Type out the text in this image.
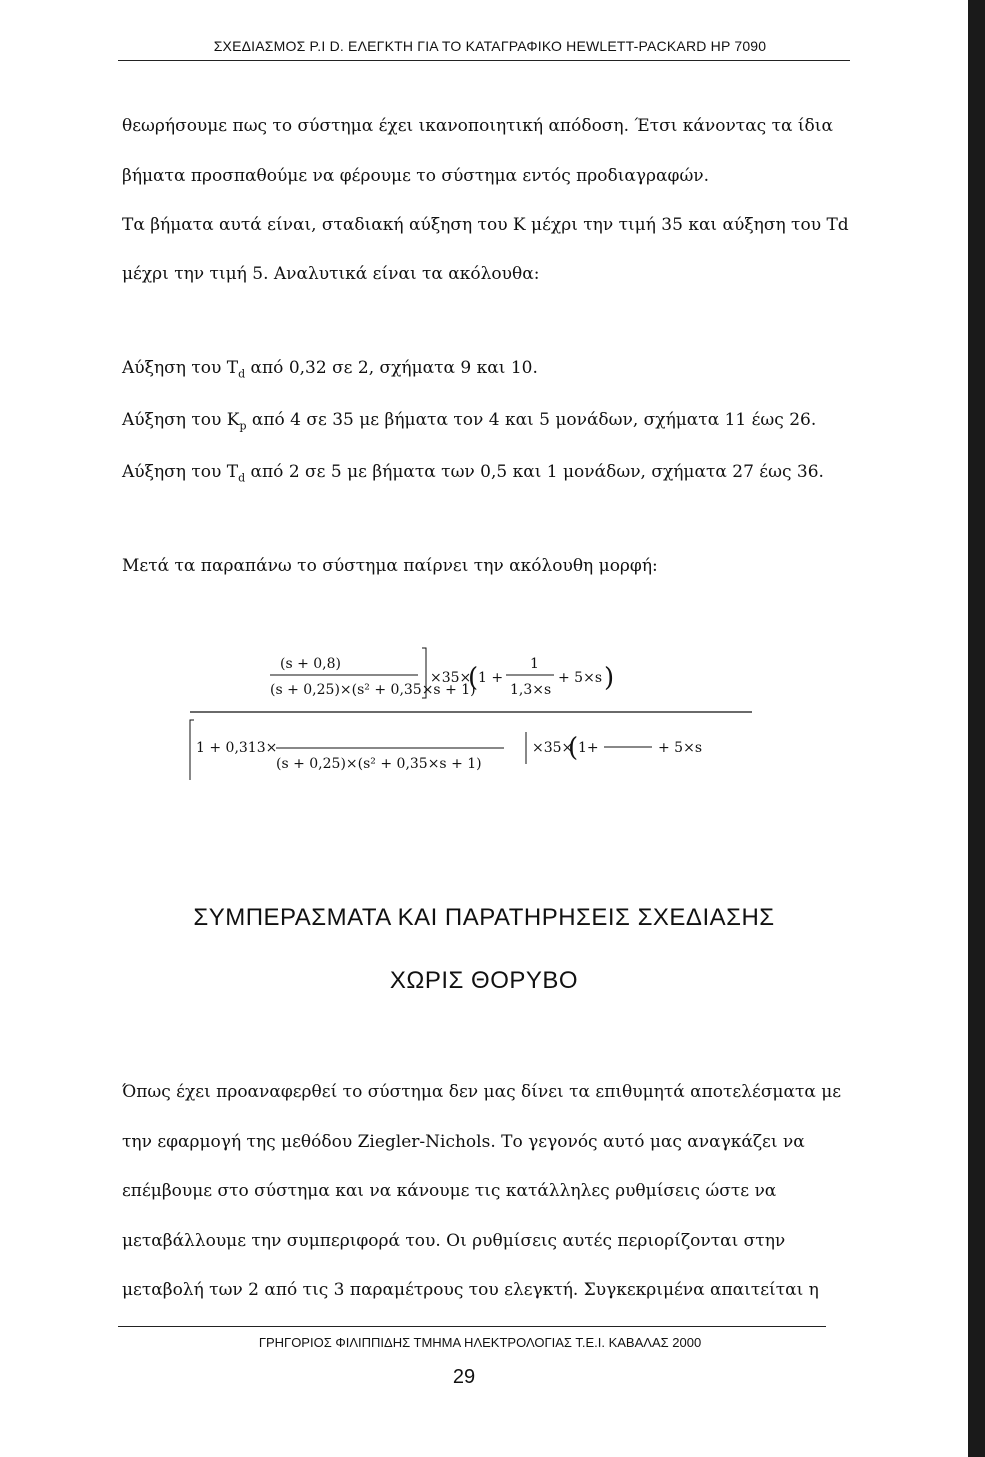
ΣΧΕΔΙΑΣΜΟΣ P.I D. ΕΛΕΓΚΤΗ ΓΙΑ ΤΟ ΚΑΤΑΓΡΑΦΙΚΟ HEWLETT-PACKARD HP 7090
θεωρήσουμε πως το σύστημα έχει ικανοποιητική απόδοση. Έτσι κάνοντας τα ίδια
βήματα προσπαθούμε να φέρουμε το σύστημα εντός προδιαγραφών.
Τα βήματα αυτά είναι, σταδιακή αύξηση του K μέχρι την τιμή 35 και αύξηση του Td
μέχρι την τιμή 5. Αναλυτικά είναι τα ακόλουθα:
Αύξηση του $T_d$ από 0,32 σε 2, σχήματα 9 και 10.
Αύξηση του $K_p$ από 4 σε 35 με βήματα τον 4 και 5 μονάδων, σχήματα 11 έως 26.
Αύξηση του $T_d$ από 2 σε 5 με βήματα των 0,5 και 1 μονάδων, σχήματα 27 έως 36.
Μετά τα παραπάνω το σύστημα παίρνει την ακόλουθη μορφή:
(s + 0,8)
(s + 0,25)×(s² + 0,35×s + 1)
×35×
( 1 +
1
1,3×s
+ 5×s )
1 + 0,313×
(s + 0,25)×(s² + 0,35×s + 1)
×35×
( 1+	+ 5×s
ΣΥΜΠΕΡΑΣΜΑΤΑ ΚΑΙ ΠΑΡΑΤΗΡΗΣΕΙΣ ΣΧΕΔΙΑΣΗΣ
ΧΩΡΙΣ ΘΟΡΥΒΟ
Όπως έχει προαναφερθεί το σύστημα δεν μας δίνει τα επιθυμητά αποτελέσματα με
την εφαρμογή της μεθόδου Ziegler-Nichols. Το γεγονός αυτό μας αναγκάζει να
επέμβουμε στο σύστημα και να κάνουμε τις κατάλληλες ρυθμίσεις ώστε να
μεταβάλλουμε την συμπεριφορά του. Οι ρυθμίσεις αυτές περιορίζονται στην
μεταβολή των 2 από τις 3 παραμέτρους του ελεγκτή. Συγκεκριμένα απαιτείται η
ΓΡΗΓΟΡΙΟΣ ΦΙΛΙΠΠΙΔΗΣ ΤΜΗΜΑ ΗΛΕΚΤΡΟΛΟΓΙΑΣ Τ.Ε.Ι. ΚΑΒΑΛΑΣ 2000
29
